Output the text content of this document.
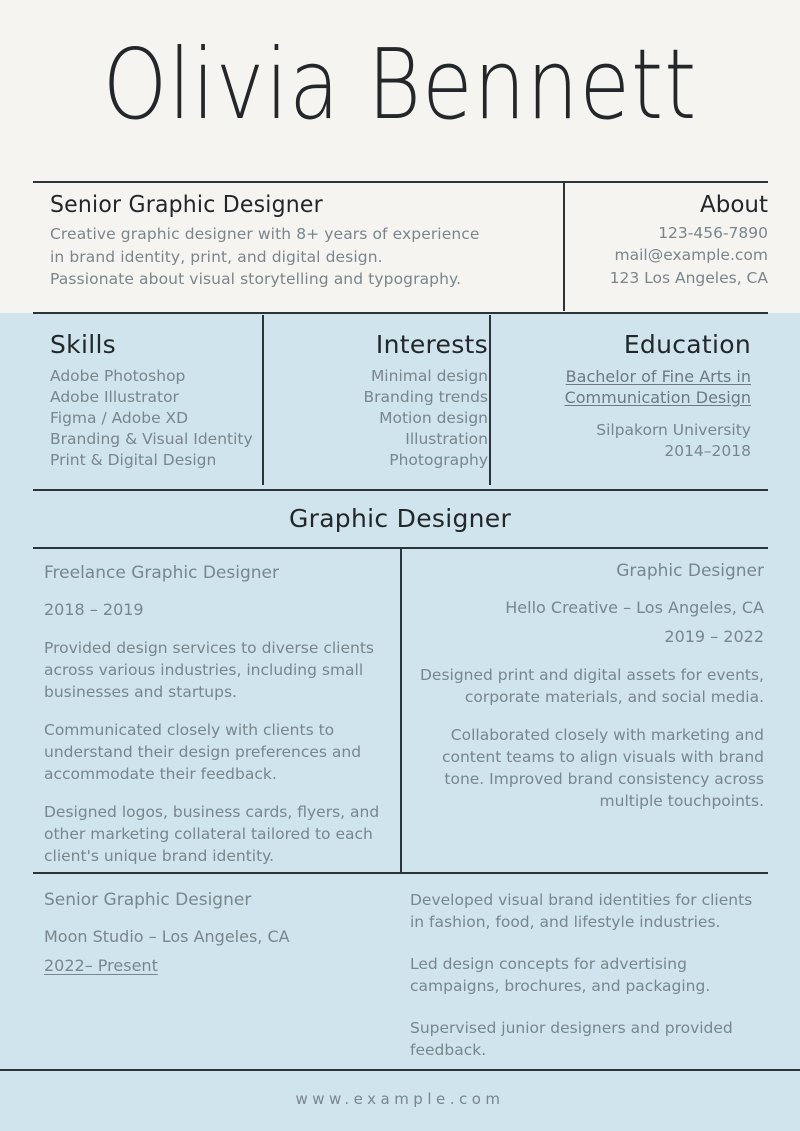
Olivia Bennett
Senior Graphic Designer
Creative graphic designer with 8+ years of experience
in brand identity, print, and digital design.
Passionate about visual storytelling and typography.
About
123-456-7890
mail@example.com
123 Los Angeles, CA
Skills
Adobe Photoshop
Adobe Illustrator
Figma / Adobe XD
Branding & Visual Identity
Print & Digital Design
Interests
Minimal design
Branding trends
Motion design
Illustration
Photography
Education
Bachelor of Fine Arts in
Communication Design
Silpakorn University
2014–2018
Graphic Designer
Freelance Graphic Designer
2018 – 2019
Provided design services to diverse clients across various industries, including small businesses and startups.
Communicated closely with clients to understand their design preferences and accommodate their feedback.
Designed logos, business cards, flyers, and other marketing collateral tailored to each client's unique brand identity.
Graphic Designer
Hello Creative – Los Angeles, CA
2019 – 2022
Designed print and digital assets for events, corporate materials, and social media.
Collaborated closely with marketing and content teams to align visuals with brand tone. Improved brand consistency across multiple touchpoints.
Senior Graphic Designer
Moon Studio – Los Angeles, CA
2022– Present
Developed visual brand identities for clients in fashion, food, and lifestyle industries.
Led design concepts for advertising campaigns, brochures, and packaging.
Supervised junior designers and provided feedback.
www.example.com
